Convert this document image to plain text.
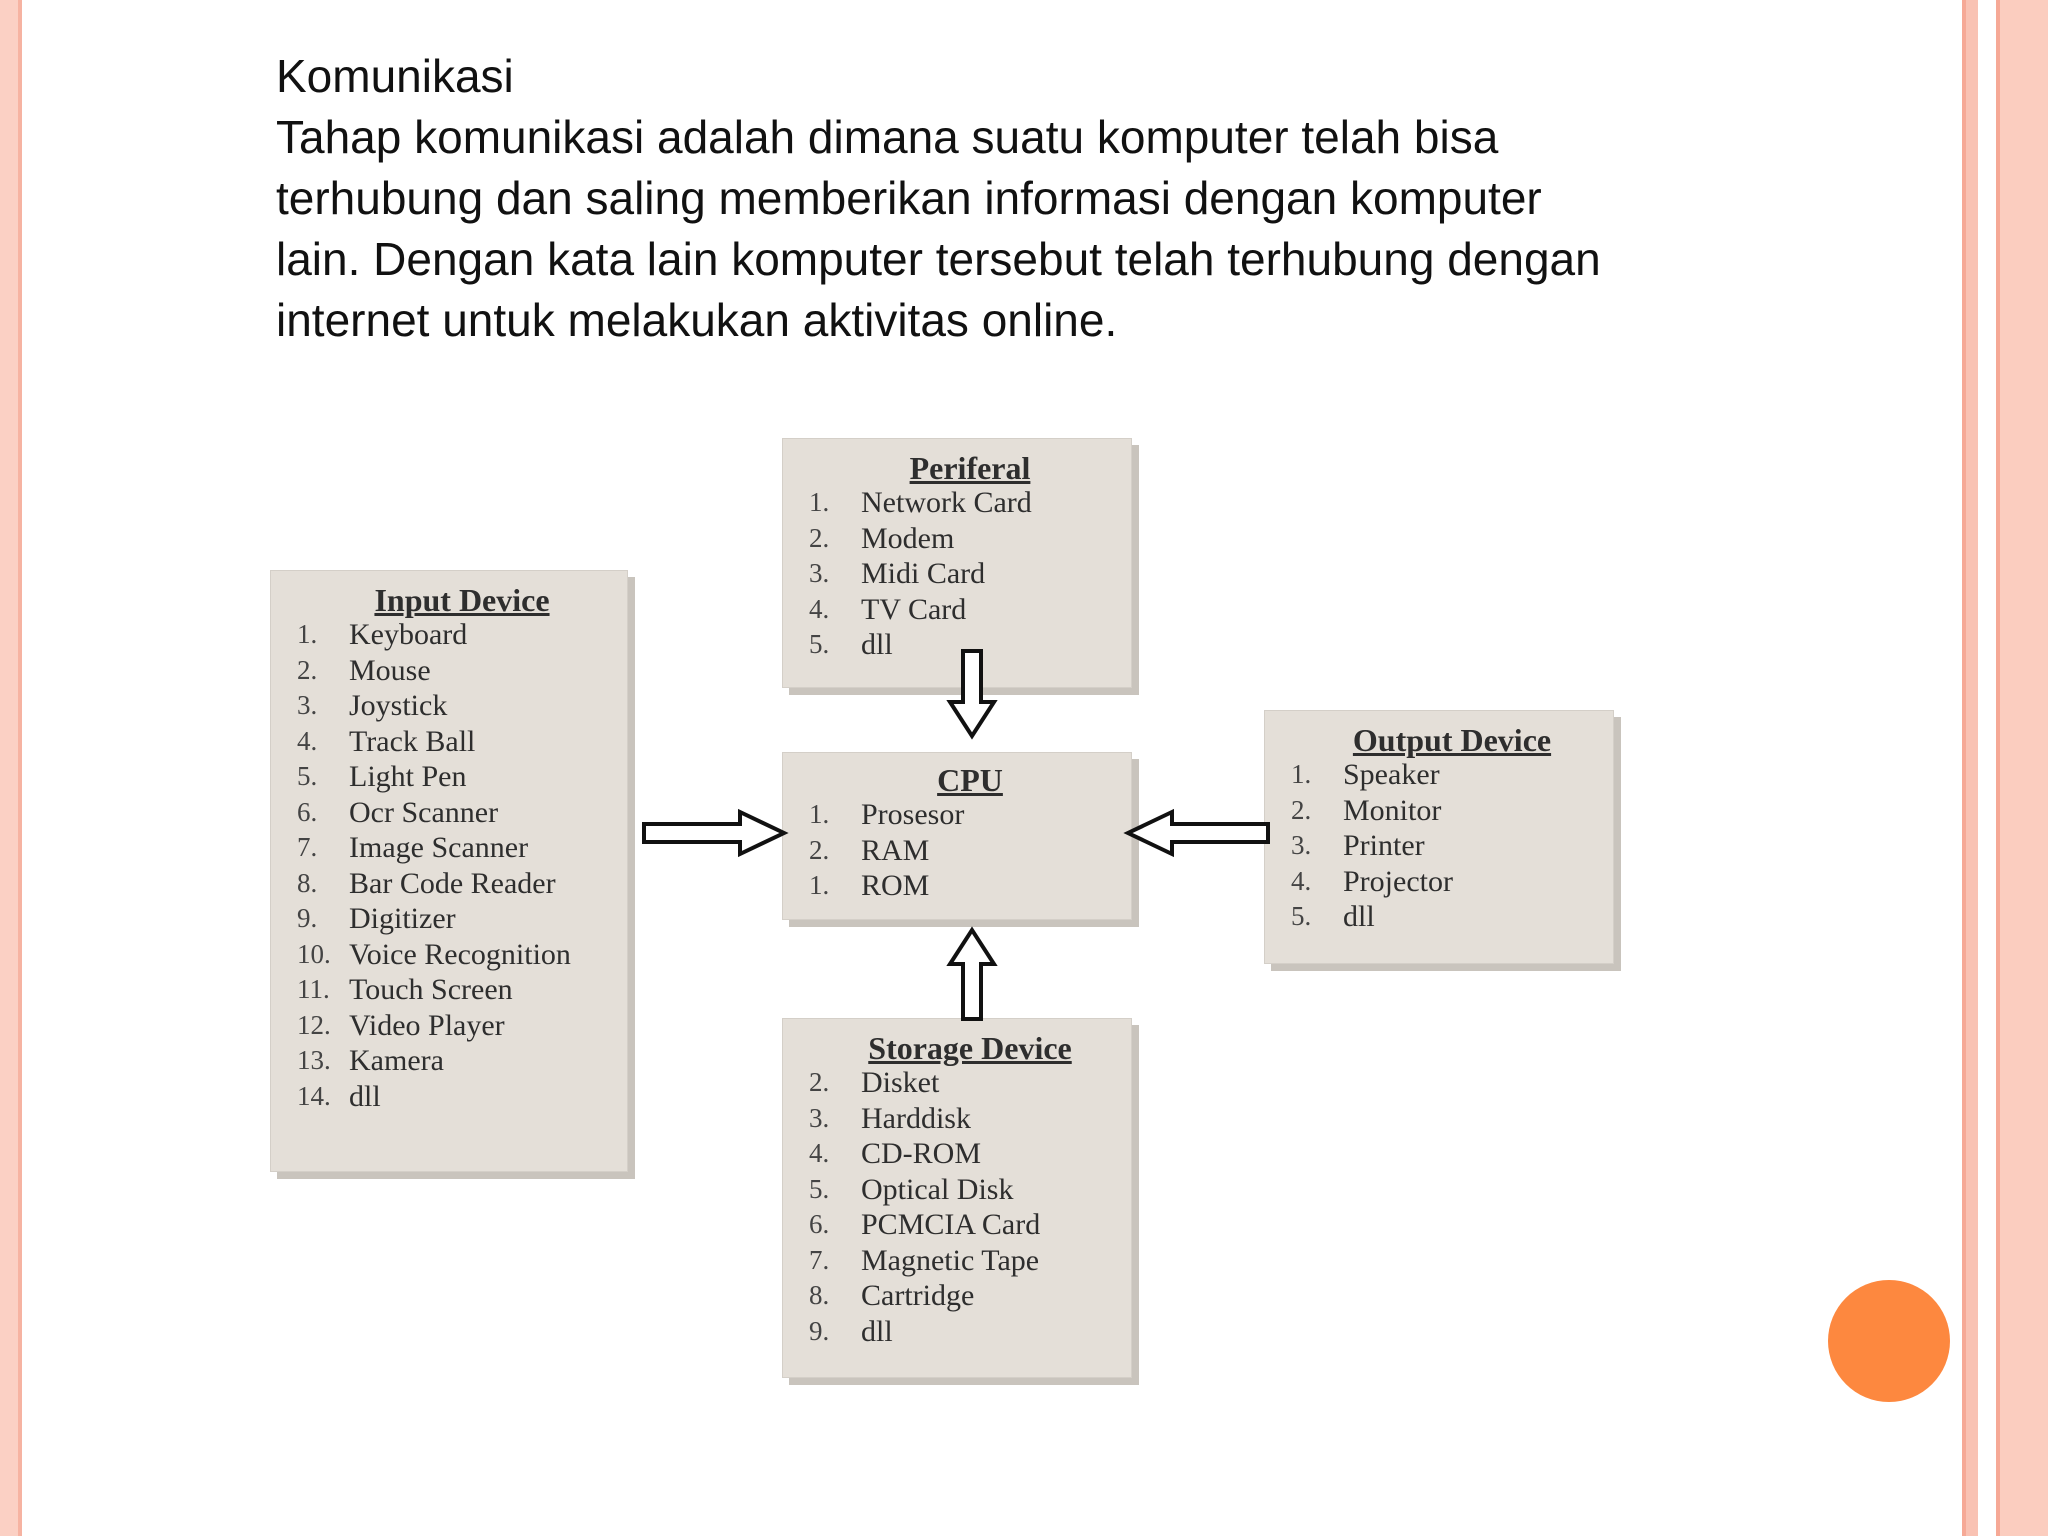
Komunikasi
Tahap komunikasi adalah dimana suatu komputer telah bisa terhubung dan saling memberikan informasi dengan komputer lain. Dengan kata lain komputer tersebut telah terhubung dengan internet untuk melakukan aktivitas online.
Input Device
1.	Keyboard
2.	Mouse
3.	Joystick
4.	Track Ball
5.	Light Pen
6.	Ocr Scanner
7.	Image Scanner
8.	Bar Code Reader
9.	Digitizer
10. Voice Recognition
11. Touch Screen
12. Video Player
13. Kamera
14. dll
Periferal
1.	Network Card
2.	Modem
3.	Midi Card
4.	TV Card
5.	dll
CPU
1.	Prosesor
2.	RAM
1.	ROM
Output Device
1.	Speaker
2.	Monitor
3.	Printer
4.	Projector
5.	dll
Storage Device
2.	Disket
3.	Harddisk
4.	CD-ROM
5.	Optical Disk
6.	PCMCIA Card
7.	Magnetic Tape
8.	Cartridge
9.	dll
